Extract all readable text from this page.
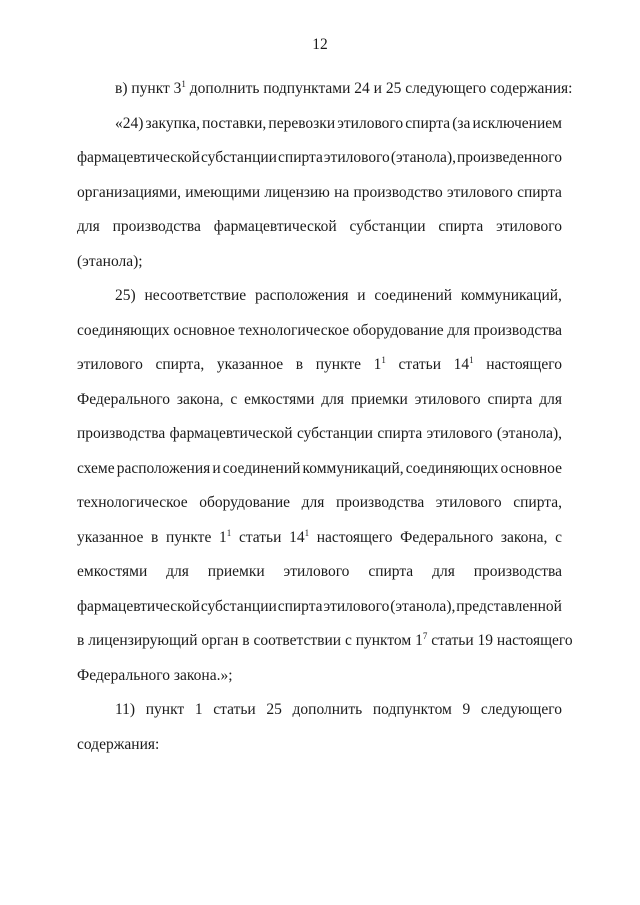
12
в) пункт $3^1$ дополнить подпунктами 24 и 25 следующего содержания:
«24) закупка, поставки, перевозки этилового спирта (за исключением
фармацевтической субстанции спирта этилового (этанола), произведенного
организациями, имеющими лицензию на производство этилового спирта
для производства фармацевтической субстанции спирта этилового
(этанола);
25) несоответствие расположения и соединений коммуникаций,
соединяющих основное технологическое оборудование для производства
этилового спирта, указанное в пункте $1^1$ статьи $14^1$ настоящего
Федерального закона, с емкостями для приемки этилового спирта для
производства фармацевтической субстанции спирта этилового (этанола),
схеме расположения и соединений коммуникаций, соединяющих основное
технологическое оборудование для производства этилового спирта,
указанное в пункте $1^1$ статьи $14^1$ настоящего Федерального закона, с
емкостями для приемки этилового спирта для производства
фармацевтической субстанции спирта этилового (этанола), представленной
в лицензирующий орган в соответствии с пунктом $1^7$ статьи 19 настоящего
Федерального закона.»;
11) пункт 1 статьи 25 дополнить подпунктом 9 следующего
содержания:
